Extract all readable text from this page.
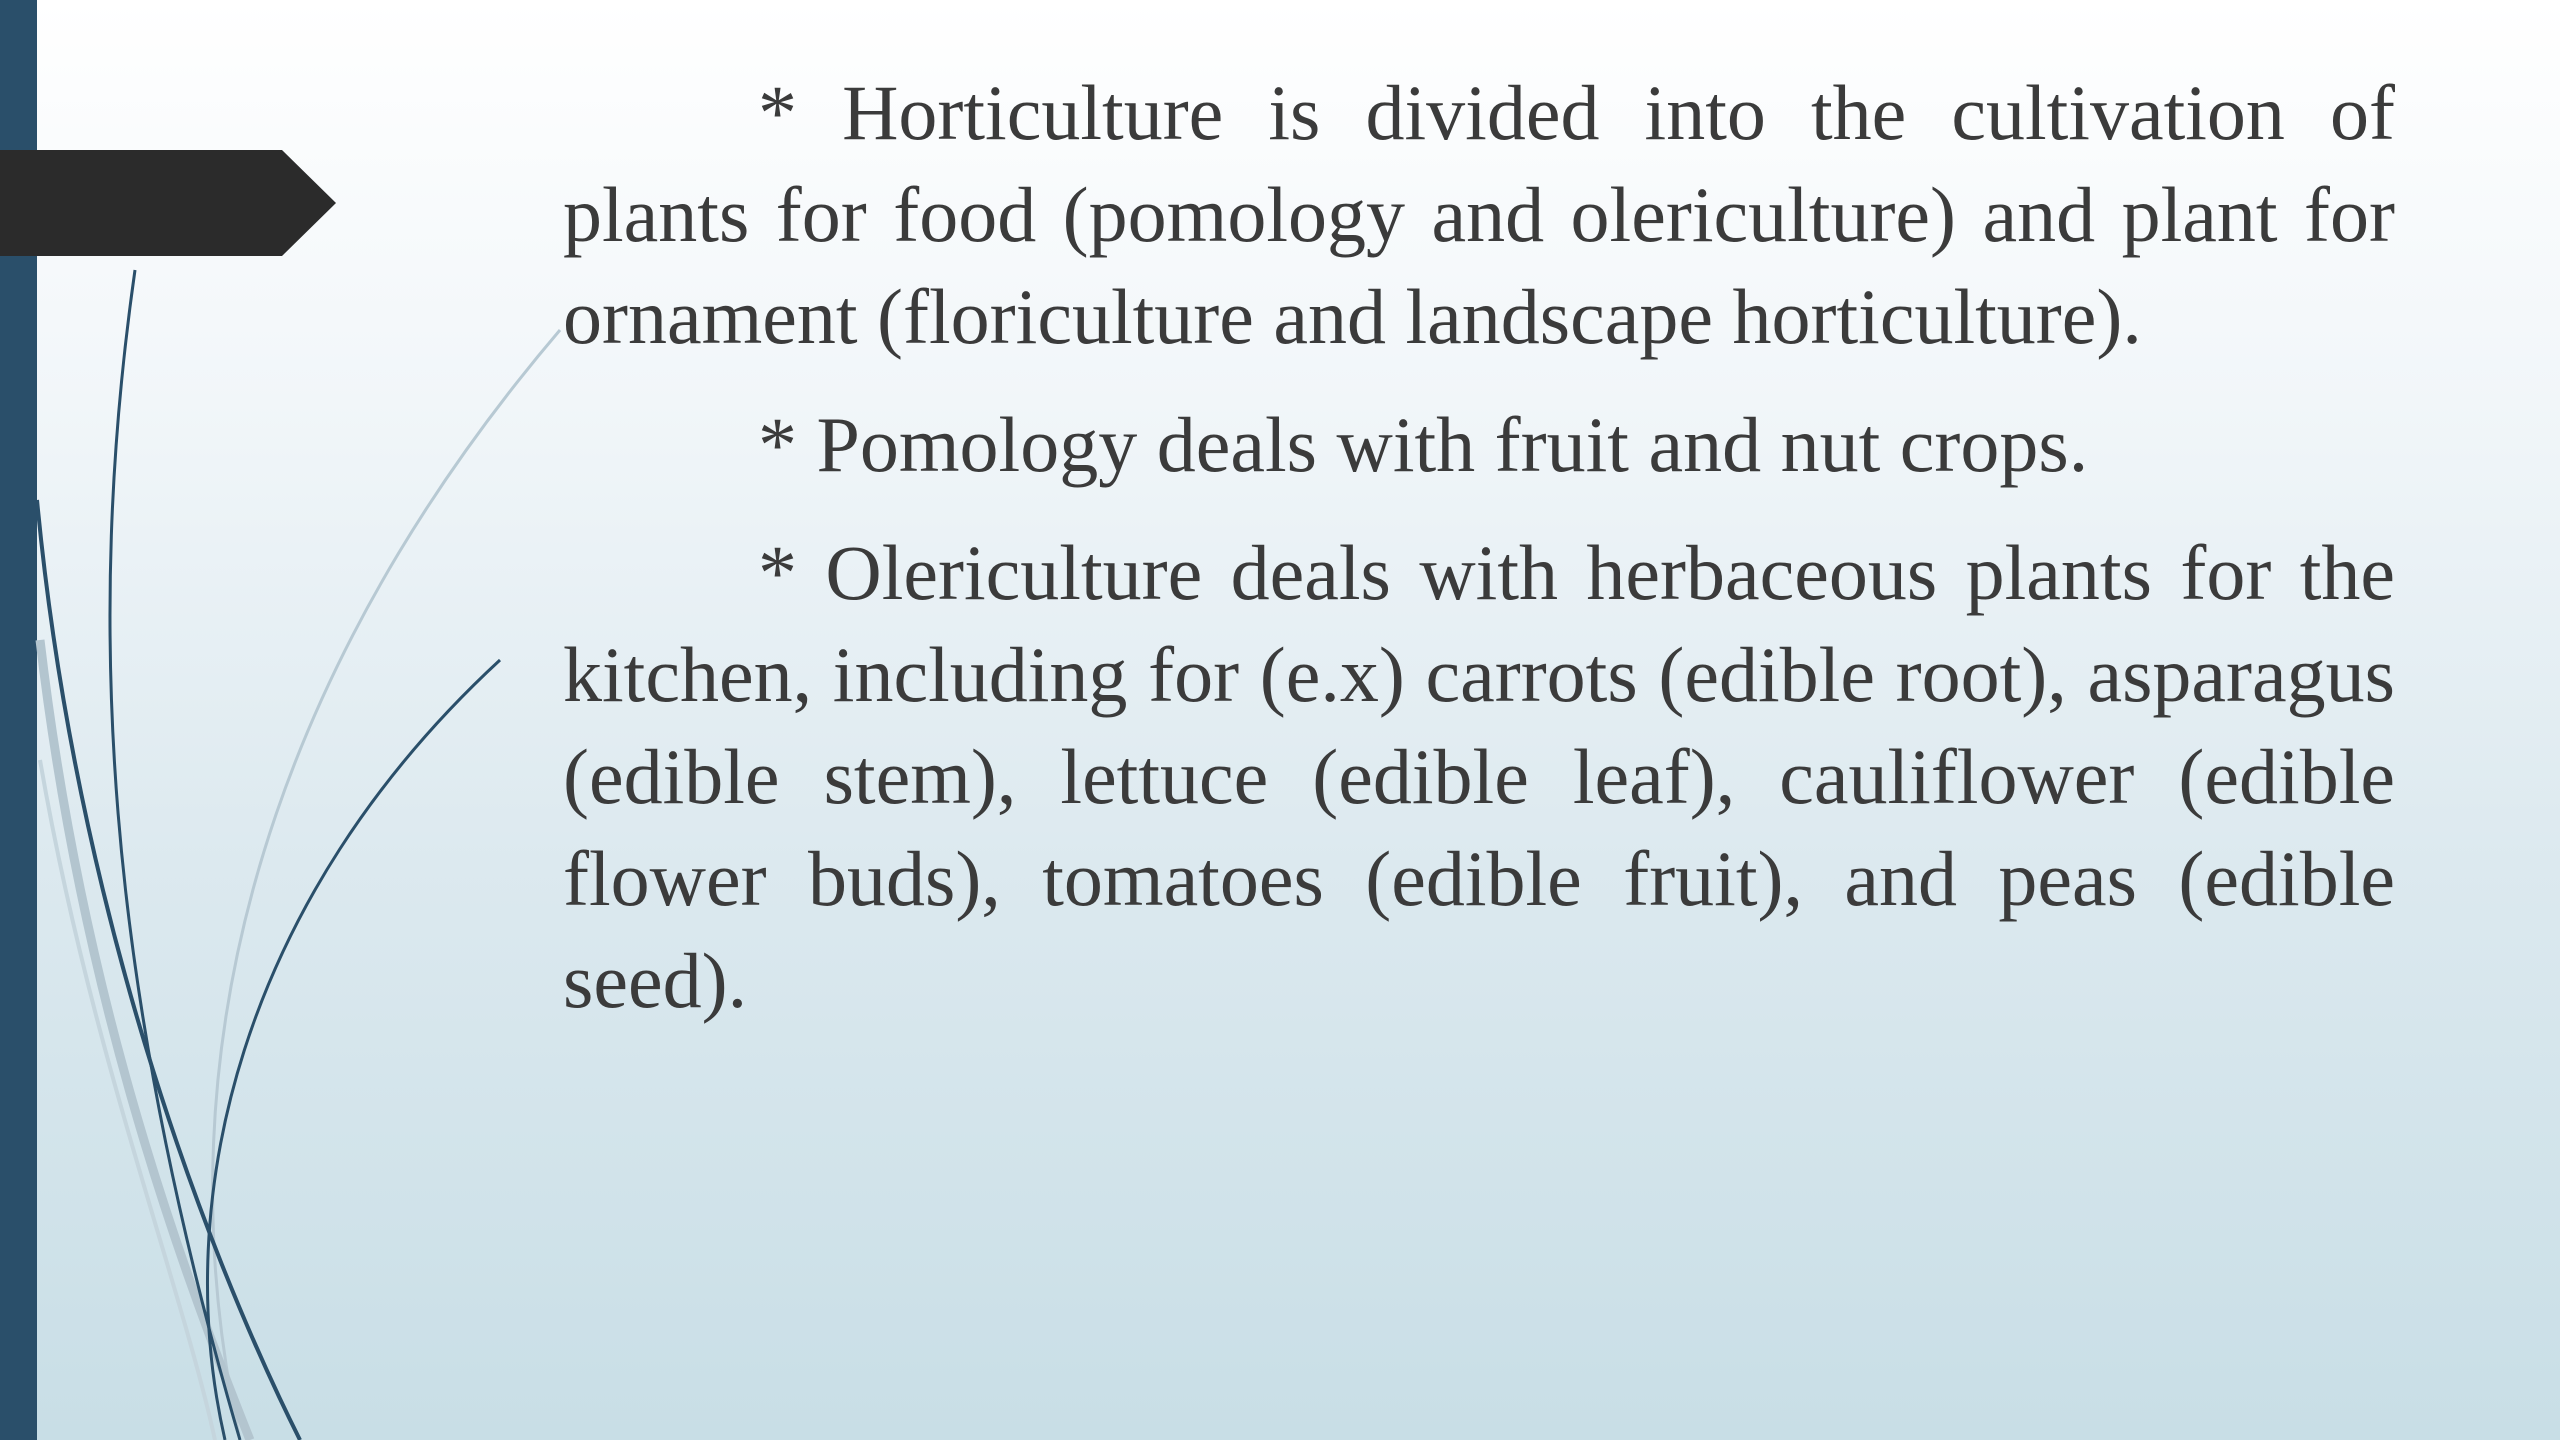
* Horticulture is divided into the cultivation of plants for food (pomology and olericulture) and plant for ornament (floriculture and landscape horticulture).

* Pomology deals with fruit and nut crops.

* Olericulture deals with herbaceous plants for the kitchen, including for (e.x) carrots (edible root), asparagus (edible stem), lettuce (edible leaf), cauliflower (edible flower buds), tomatoes (edible fruit), and peas (edible seed).
